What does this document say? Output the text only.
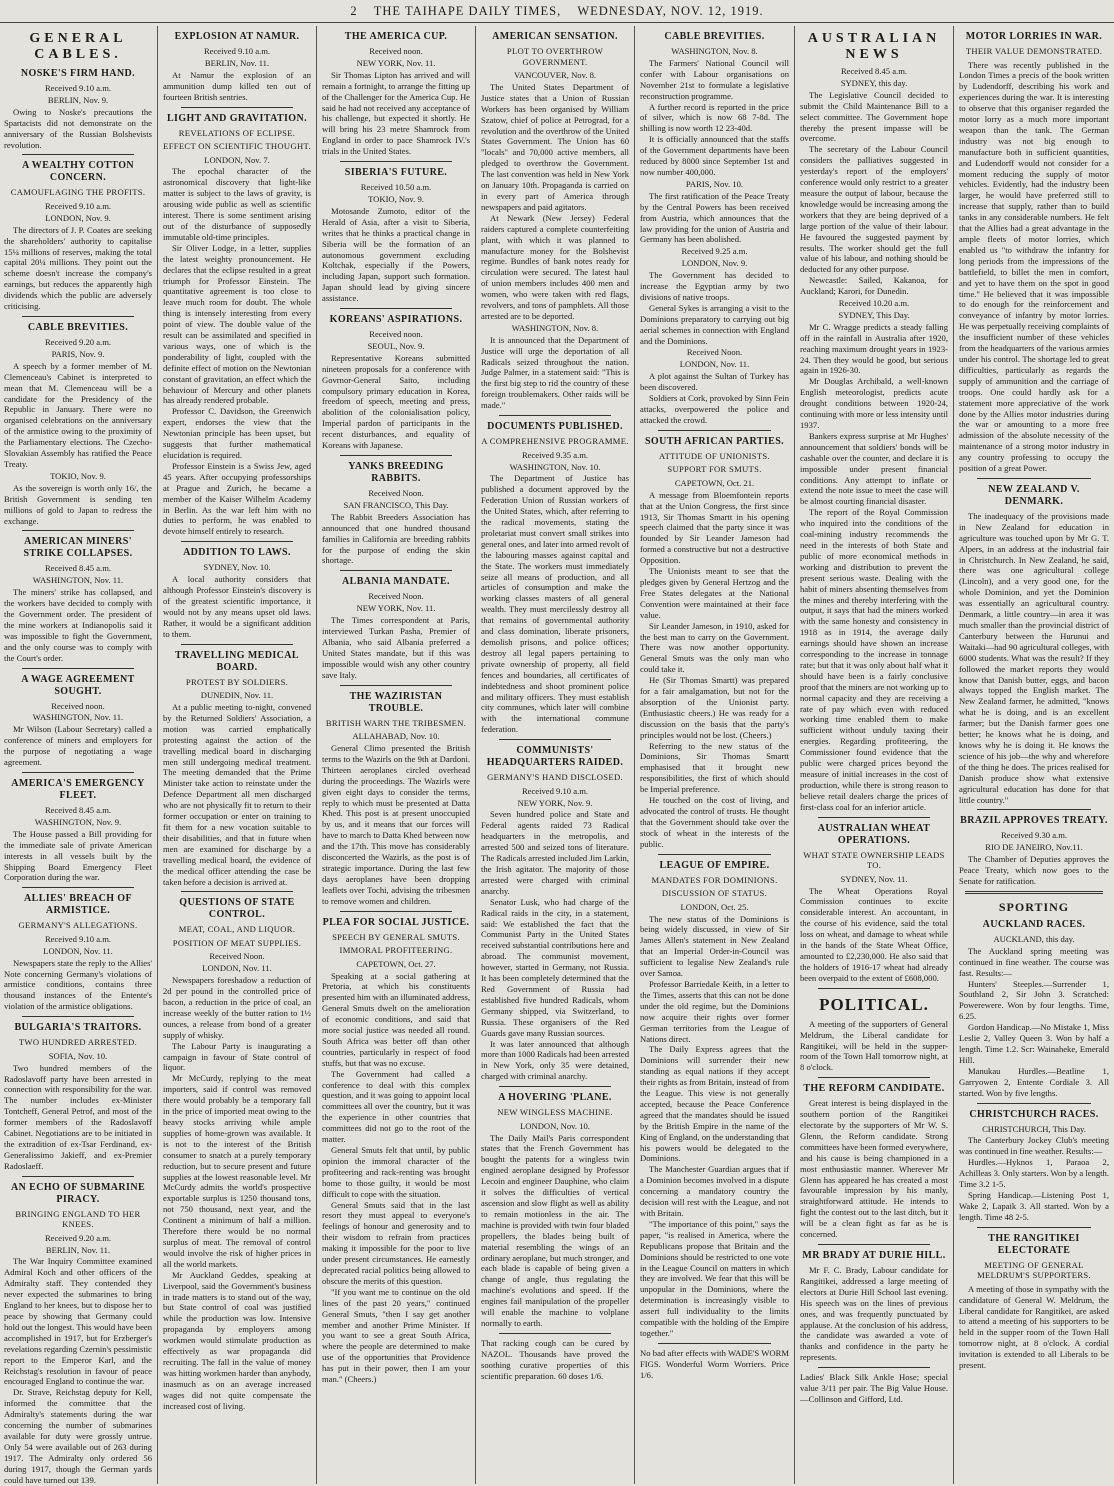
2 THE TAIHAPE DAILY TIMES, WEDNESDAY, NOV. 12, 1919.
GENERAL CABLES.
NOSKE'S FIRM HAND.
Received 9.10 a.m.
BERLIN, Nov. 9.
Owing to Noske's precautions the Spartacists did not demonstrate on the anniversary of the Russian Bolshevists revolution.
A WEALTHY COTTON CONCERN.
CAMOUFLAGING THE PROFITS.
Received 9.10 a.m.
LONDON, Nov. 9.
The directors of J. P. Coates are seeking the shareholders' authority to capitalise 15¼ millions of reserves, making the total capital 20¼ millions. They point out the scheme doesn't increase the company's earnings, but reduces the apparently high dividends which the public are adversely criticising.
CABLE BREVITIES.
Received 9.20 a.m.
PARIS, Nov. 9.
A speech by a former member of M. Clemenceau's Cabinet is interpreted to mean that M. Clemenceau will be a candidate for the Presidency of the Republic in January. There were no organised celebrations on the anniversary of the armistice owing to the proximity of the Parliamentary elections. The Czecho-Slovakian Assembly has ratified the Peace Treaty.
TOKIO, Nov. 9.
As the sovereign is worth only 16/, the British Government is sending ten millions of gold to Japan to redress the exchange.
AMERICAN MINERS' STRIKE COLLAPSES.
Received 8.45 a.m.
WASHINGTON, Nov. 11.
The miners' strike has collapsed, and the workers have decided to comply with the Government order. The president of the mine workers at Indianopolis said it was impossible to fight the Government, and the only course was to comply with the Court's order.
A WAGE AGREEMENT SOUGHT.
Received noon.
WASHINGTON, Nov. 11.
Mr Wilson (Labour Secretary) called a conference of miners and employers for the purpose of negotiating a wage agreement.
AMERICA'S EMERGENCY FLEET.
Received 8.45 a.m.
WASHINGTON, Nov. 9.
The House passed a Bill providing for the immediate sale of private American interests in all vessels built by the Shipping Board Emergency Fleet Corporation during the war.
ALLIES' BREACH OF ARMISTICE.
GERMANY'S ALLEGATIONS.
Received 9.10 a.m.
LONDON, Nov. 11.
Newspapers state the reply to the Allies' Note concerning Germany's violations of armistice conditions, contains three thousand instances of the Entente's violation of the armistice obligations.
BULGARIA'S TRAITORS.
TWO HUNDRED ARRESTED.
SOFIA, Nov. 10.
Two hundred members of the Radoslavoff party have been arrested in connection with responsibility for the war. The number includes ex-Minister Tontcheff, General Petrof, and most of the former members of the Radoslavoff Cabinet. Negotiations are to be initiated in the extradition of ex-Tsar Ferdinand, ex-Generalissimo Jakieff, and ex-Premier Radoslaeff.
AN ECHO OF SUBMARINE PIRACY.
BRINGING ENGLAND TO HER KNEES.
Received 9.20 a.m.
BERLIN, Nov. 11.
The War Inquiry Committee examined Admiral Koch and other officers of the Admiralty staff. They contended they never expected the submarines to bring England to her knees, but to dispose her to peace by showing that Germany could hold out the longest. This would have been accomplished in 1917, but for Erzberger's revelations regarding Czernin's pessimistic report to the Emperor Karl, and the Reichstag's resolution in favour of peace encouraged England to continue the war.
Dr. Strave, Reichstag deputy for Kell, informed the committee that the Admiralty's statements during the war concerning the number of submarines available for duty were grossly untrue. Only 54 were available out of 263 during 1917. The Admiralty only ordered 56 during 1917, though the German yards could have turned out 139.
EXPLOSION AT NAMUR.
Received 9.10 a.m.
BERLIN, Nov. 11.
At Namur the explosion of an ammunition dump killed ten out of fourteen British sentries.
LIGHT AND GRAVITATION.
REVELATIONS OF ECLIPSE.
EFFECT ON SCIENTIFIC THOUGHT.
LONDON, Nov. 7.
The epochal character of the astronomical discovery that light-like matter is subject to the laws of gravity, is arousing wide public as well as scientific interest. There is some sentiment arising out of the disturbance of supposedly immutable old-time principles.
Sir Oliver Lodge, in a letter, supplies the latest weighty pronouncement. He declares that the eclipse resulted in a great triumph for Professor Einstein. The quantitative agreement is too close to leave much room for doubt. The whole thing is intensely interesting from every point of view. The double value of the result can be assimilated and specified in various ways, one of which is the ponderability of light, coupled with the definite effect of motion on the Newtonian constant of gravitation, an effect which the behaviour of Mercury and other planets has already rendered probable.
Professor C. Davidson, the Greenwich expert, endorses the view that the Newtonian principle has been upset, but suggests that further mathematical elucidation is required.
Professor Einstein is a Swiss Jew, aged 45 years. After occupying professorships at Prague and Zurich, he became a member of the Kaiser Wilhelm Academy in Berlin. As the war left him with no duties to perform, he was enabled to devote himself entirely to research.
ADDITION TO LAWS.
SYDNEY, Nov. 10.
A local authority considers that although Professor Einstein's discovery is of the greatest scientific importance, it would not by any means upset old laws. Rather, it would be a significant addition to them.
TRAVELLING MEDICAL BOARD.
PROTEST BY SOLDIERS.
DUNEDIN, Nov. 11.
At a public meeting to-night, convened by the Returned Soldiers' Association, a motion was carried emphatically protesting against the action of the travelling medical board in discharging men still undergoing medical treatment. The meeting demanded that the Prime Minister take action to reinstate under the Defence Department all men discharged who are not physically fit to return to their former occupation or enter on training to fit them for a new vocation suitable to their disabilities, and that in future when men are examined for discharge by a travelling medical board, the evidence of the medical officer attending the case be taken before a decision is arrived at.
QUESTIONS OF STATE CONTROL.
MEAT, COAL, AND LIQUOR.
POSITION OF MEAT SUPPLIES.
Received Noon.
LONDON, Nov. 11.
Newspapers foreshadow a reduction of 2d per pound in the controlled price of bacon, a reduction in the price of coal, an increase weekly of the butter ration to 1½ ounces, a release from bond of a greater supply of whisky.
The Labour Party is inaugurating a campaign in favour of State control of liquor.
Mr McCurdy, replying to the meat importers, said if control was removed there would probably be a temporary fall in the price of imported meat owing to the heavy stocks arriving while ample supplies of home-grown was available. It is not to the interest of the British consumer to snatch at a purely temporary reduction, but to secure present and future supplies at the lowest reasonable level. Mr McCurdy admits the world's prospective exportable surplus is 1250 thousand tons, not 750 thousand, next year, and the Continent a minimum of half a million. Therefore there would be no normal surplus of meat. The removal of control would involve the risk of higher prices in all the world markets.
Mr Auckland Geddes, speaking at Liverpool, said the Government's business in trade matters is to stand out of the way, but State control of coal was justified while the production was low. Intensive propaganda by employers among workmen would stimulate production as effectively as war propaganda did recruiting. The fall in the value of money was hitting workmen harder than anybody, inasmuch as on an average increased wages did not quite compensate the increased cost of living.
THE AMERICA CUP.
Received noon.
NEW YORK, Nov. 11.
Sir Thomas Lipton has arrived and will remain a fortnight, to arrange the fitting up of the Challenger for the America Cup. He said he had not received any acceptance of his challenge, but expected it shortly. He will bring his 23 metre Shamrock from England in order to pace Shamrock IV.'s trials in the United States.
SIBERIA'S FUTURE.
Received 10.50 a.m.
TOKIO, Nov. 9.
Motosande Zumoto, editor of the Herald of Asia, after a visit to Siberia, writes that he thinks a practical change in Siberia will be the formation of an autonomous government excluding Koltchak, especially if the Powers, including Japan, support such formation. Japan should lead by giving sincere assistance.
KOREANS' ASPIRATIONS.
Received noon.
SEOUL, Nov. 9.
Representative Koreans submitted nineteen proposals for a conference with Govrnor-General Saito, including compulsory primary education in Korea, freedom of speech, meeting and press, abolition of the colonialisation policy, Imperial pardon of participants in the recent disturbances, and equality of Koreans with Japanese.
YANKS BREEDING RABBITS.
Received Noon.
SAN FRANCISCO, This Day.
The Rabbit Breeders Association has announced that one hundred thousand families in California are breeding rabbits for the purpose of ending the skin shortage.
ALBANIA MANDATE.
Received Noon.
NEW YORK, Nov. 11.
The Times correspondent at Paris, interviewed Turkan Pasha, Premier of Albania, who said Albania preferred a United States mandate, but if this was impossible would wish any other country save Italy.
THE WAZIRISTAN TROUBLE.
BRITISH WARN THE TRIBESMEN.
ALLAHABAD, Nov. 10.
General Climo presented the British terms to the Wazirls on the 9th at Dardoni. Thirteen aeroplanes circled overhead during the proceedings. The Wazirls were given eight days to consider the terms, reply to which must be presented at Datta Khed. This post is at present unoccupied by us, and it means that our forces will have to march to Datta Khed between now and the 17th. This move has considerably disconcerted the Wazirls, as the post is of strategic importance. During the last few days aeroplanes have been dropping leaflets over Tochi, advising the tribesmen to remove women and children.
PLEA FOR SOCIAL JUSTICE.
SPEECH BY GENERAL SMUTS.
IMMORAL PROFITEERING.
CAPETOWN, Oct. 27.
Speaking at a social gathering at Pretoria, at which his constituents presented him with an illuminated address, General Smuts dwelt on the amelioration of economic conditions, and said that more social justice was needed all round. South Africa was better off than other countries, particularly in respect of food stuffs, but that was no excuse.
The Government had called a conference to deal with this complex question, and it was going to appoint local committees all over the country, but it was the experience in other countries that committees did not go to the root of the matter.
General Smuts felt that until, by public opinion the immoral character of the profiteering and rack-renting was brought home to those guilty, it would be most difficult to cope with the situation.
General Smuts said that in the last resort they must appeal to everyone's feelings of honour and generosity and to their wisdom to refrain from practices making it impossible for the poor to live under present circumstances. He earnestly deprecated racial politics being allowed to obscure the merits of this question.
"If you want me to continue on the old lines of the past 20 years," continued General Smuts, "then I say get another member and another Prime Minister. If you want to see a great South Africa, where the people are determined to make use of the opportunities that Providence has put in their power, then I am your man." (Cheers.)
AMERICAN SENSATION.
PLOT TO OVERTHROW GOVERNMENT.
VANCOUVER, Nov. 8.
The United States Department of Justice states that a Union of Russian Workers has been organised by William Szatow, chief of police at Petrograd, for a revolution and the overthrow of the United States Government. The Union has 60 "locals" and 70,000 active members, all pledged to overthrow the Government. The last convention was held in New York on January 10th. Propaganda is carried on in every part of America through newspapers and paid agitators.
At Newark (New Jersey) Federal raiders captured a complete counterfeiting plant, with which it was planned to manufacture money for the Bolshevist regime. Bundles of bank notes ready for circulation were secured. The latest haul of union members includes 400 men and women, who were taken with red flags, revolvers, and tons of pamphlets. All those arrested are to be deported.
WASHINGTON, Nov. 8.
It is announced that the Department of Justice will urge the deportation of all Radicals seized throughout the nation. Judge Palmer, in a statement said: "This is the first big step to rid the country of these foreign troublemakers. Other raids will be made."
DOCUMENTS PUBLISHED.
A COMPREHENSIVE PROGRAMME.
Received 9.35 a.m.
WASHINGTON, Nov. 10.
The Department of Justice has published a document approved by the Federation Union of Russian workers of the United States, which, after referring to the radical movements, stating the proletariat must convert small strikes into general ones, and later into armed revolt of the labouring masses against capital and the State. The workers must immediately seize all means of production, and all articles of consumption and make the working classes masters of all general wealth. They must mercilessly destroy all that remains of governmental authority and class domination, liberate prisoners, demolish prisons, and police offices; destroy all legal papers pertaining to private ownership of property, all field fences and boundaries, all certificates of indebtedness and shoot prominent police and military officers. They must establish city communes, which later will combine with the international commune federation.
COMMUNISTS' HEADQUARTERS RAIDED.
GERMANY'S HAND DISCLOSED.
Received 9.10 a.m.
NEW YORK, Nov. 9.
Seven hundred police and State and Federal agents raided 73 Radical headquarters in the metropolis, and arrested 500 and seized tons of literature. The Radicals arrested included Jim Larkin, the Irish agitator. The majority of those arrested were charged with criminal anarchy.
Senator Lusk, who had charge of the Radical raids in the city, in a statement, said: We established the fact that the Communist Party in the United States received substantial contributions here and abroad. The communist movement, however, started in Germany, not Russia. It has been completely determined that the Red Government of Russia had established five hundred Radicals, whom Germany shipped, via Switzerland, to Russia. These organisers of the Red Guards gave many Russian sources.
It was later announced that although more than 1000 Radicals had been arrested in New York, only 35 were detained, charged with criminal anarchy.
A HOVERING 'PLANE.
NEW WINGLESS MACHINE.
LONDON, Nov. 10.
The Daily Mail's Paris correspondent states that the French Government has bought the patents for a wingless twin engined aeroplane designed by Professor Lecoin and engineer Dauphine, who claim it solves the difficulties of vertical ascension and slow flight as well as ability to remain motionless in the air. The machine is provided with twin four bladed propellers, the blades being built of material resembling the wings of an ordinary aeroplane, but much stronger, and each blade is capable of being given a change of angle, thus regulating the machine's evolutions and speed. If the engines fail manipulation of the propeller will enable the machine to volplane normally to earth.
That racking cough can be cured by NAZOL. Thousands have proved the soothing curative properties of this scientific preparation. 60 doses 1/6.
CABLE BREVITIES.
WASHINGTON, Nov. 8.
The Farmers' National Council will confer with Labour organisations on November 21st to formulate a legislative reconstruction programme.
A further record is reported in the price of silver, which is now 68 7-8d. The shilling is now worth 12 23-40d.
It is officially announced that the staffs of the Government departments have been reduced by 8000 since September 1st and now number 400,000.
PARIS, Nov. 10.
The first ratification of the Peace Treaty by the Central Powers has been received from Austria, which announces that the law providing for the union of Austria and Germany has been abolished.
Received 9.25 a.m.
LONDON, Nov. 9.
The Government has decided to increase the Egyptian army by two divisions of native troops.
General Sykes is arranging a visit to the Dominions preparatory to carrying out big aerial schemes in connection with England and the Dominions.
Received Noon.
LONDON, Nov. 11.
A plot against the Sultan of Turkey has been discovered.
Soldiers at Cork, provoked by Sinn Fein attacks, overpowered the police and attacked the crowd.
SOUTH AFRICAN PARTIES.
ATTITUDE OF UNIONISTS.
SUPPORT FOR SMUTS.
CAPETOWN, Oct. 21.
A message from Bloemfontein reports that at the Union Congress, the first since 1913, Sir Thomas Smartt in his opening speech claimed that the party since it was founded by Sir Leander Jameson had formed a constructive but not a destructive Opposition.
The Unionists meant to see that the pledges given by General Hertzog and the Free States delegates at the National Convention were maintained at their face value.
Sir Leander Jameson, in 1910, asked for the best man to carry on the Government. There was now another opportunity. General Smuts was the only man who could take it.
He (Sir Thomas Smartt) was prepared for a fair amalgamation, but not for the absorption of the Unionist party. (Enthusiastic cheers.) He was ready for a discussion on the basis that the party's principles would not be lost. (Cheers.)
Referring to the new status of the Dominions, Sir Thomas Smartt emphasised that it brought new responsibilities, the first of which should be Imperial preference.
He touched on the cost of living, and advocated the control of trusts. He thought that the Government should take over the stock of wheat in the interests of the public.
LEAGUE OF EMPIRE.
MANDATES FOR DOMINIONS.
DISCUSSION OF STATUS.
LONDON, Oct. 25.
The new status of the Dominions is being widely discussed, in view of Sir James Allen's statement in New Zealand that an Imperial Order-in-Council was sufficient to legalise New Zealand's rule over Samoa.
Professor Barriedale Keith, in a letter to the Times, asserts that this can not be done under the old regime, but the Dominions now acquire their rights over former German territories from the League of Nations direct.
The Daily Express agrees that the Dominions will surrender their new standing as equal nations if they accept their rights as from Britain, instead of from the League. This view is not generally accepted, because the Peace Conference agreed that the mandates should be issued by the British Empire in the name of the King of England, on the understanding that his powers would be delegated to the Dominions.
The Manchester Guardian argues that if a Dominion becomes involved in a dispute concerning a mandatory country the decision will rest with the League, and not with Britain.
"The importance of this point," says the paper, "is realised in America, where the Republicans propose that Britain and the Dominions should be restricted to one vote in the League Council on matters in which they are involved. We fear that this will be unpopular in the Dominions, where the determination is increasingly visible to assert full individuality to the limits compatible with the holding of the Empire together."
No bad after effects with WADE'S WORM FIGS. Wonderful Worm Worriers. Price 1/6.
AUSTRALIAN NEWS
Received 8.45 a.m.
SYDNEY, this day.
The Legislative Council decided to submit the Child Maintenance Bill to a select committee. The Government hope thereby the present impasse will be overcome.
The secretary of the Labour Council considers the palliatives suggested in yesterday's report of the employers' conference would only restrict to a greater measure the output of labour, because the knowledge would be increasing among the workers that they are being deprived of a large portion of the value of their labour. He favoured the suggested payment by results. The worker should get the full value of his labour, and nothing should be deducted for any other purpose.
Newcastle: Sailed, Kakanoa, for Auckland; Karori, for Dunedin.
Received 10.20 a.m.
SYDNEY, This Day.
Mr C. Wragge predicts a steady falling off in the rainfall in Australia after 1920, reaching maximum drought years in 1923-24. Then they would be good, but serious again in 1926-30.
Mr Douglas Archibald, a well-known English meteorologist, predicts acute drought conditions between 1920-24, continuing with more or less intensity until 1937.
Bankers express surprise at Mr Hughes' announcement that soldiers' bonds will be cashable over the counter, and declare it is impossible under present financial conditions. Any attempt to inflate or extend the note issue to meet the case will be almost courting financial disaster.
The report of the Royal Commission who inquired into the conditions of the coal-mining industry recommends the need in the interests of both State and public of more economical methods in working and distribution to prevent the present serious waste. Dealing with the habit of miners absenting themselves from the mines and thereby interfering with the output, it says that had the miners worked with the same honesty and consistency in 1918 as in 1914, the average daily earnings should have shown an increase corresponding to the increase in tonnage rate; but that it was only about half what it should have been is a fairly conclusive proof that the miners are not working up to normal capacity and they are receiving a rate of pay which even with reduced working time enabled them to make sufficient without unduly taxing their energies. Regarding profiteering, the Commissioner found evidence that the public were charged prices beyond the measure of initial increases in the cost of production, while there is strong reason to believe retail dealers charge the prices of first-class coal for an inferior article.
AUSTRALIAN WHEAT OPERATIONS.
WHAT STATE OWNERSHIP LEADS TO.
SYDNEY, Nov. 11.
The Wheat Operations Royal Commission continues to excite considerable interest. An accountant, in the course of his evidence, said the total loss on wheat, and damage to wheat while in the hands of the State Wheat Office, amounted to £2,230,000. He also said that the holders of 1916-17 wheat had already been overpaid to the extent of £608,000.
POLITICAL.
A meeting of the supporters of General Meldrum, the Liberal candidate for Rangitikei, will be held in the supper-room of the Town Hall tomorrow night, at 8 o'clock.
THE REFORM CANDIDATE.
Great interest is being displayed in the southern portion of the Rangitikei electorate by the supporters of Mr W. S. Glenn, the Reform candidate. Strong committees have been formed everywhere, and his cause is being championed in a most enthusiastic manner. Wherever Mr Glenn has appeared he has created a most favourable impression by his manly, straightforward attitude. He intends to fight the contest out to the last ditch, but it will be a clean fight as far as he is concerned.
MR BRADY AT DURIE HILL.
Mr F. C. Brady, Labour candidate for Rangitikei, addressed a large meeting of electors at Durie Hill School last evening. His speech was on the lines of previous ones, and was frequently punctuated by applause. At the conclusion of his address, the candidate was awarded a vote of thanks and confidence in the party he represents.
Ladies' Black Silk Ankle Hose; special value 3/11 per pair. The Big Value House.—Collinson and Gifford, Ltd.
MOTOR LORRIES IN WAR.
THEIR VALUE DEMONSTRATED.
There was recently published in the London Times a precis of the book written by Ludendorff, describing his work and experiences during the war. It is interesting to observe that this organiser regarded the motor lorry as a much more important weapon than the tank. The German industry was not big enough to manufacture both in sufficient quantities, and Ludendorff would not consider for a moment reducing the supply of motor vehicles. Evidently, had the industry been larger, he would have preferred still to increase that supply, rather than to build tanks in any considerable numbers. He felt that the Allies had a great advantage in the ample fleets of motor lorries, which enabled us "to withdraw the infantry for long periods from the impressions of the battlefield, to billet the men in comfort, and yet to have them on the spot in good time." He believed that it was impossible to do enough for the reinforcement and conveyance of infantry by motor lorries. He was perpetually receiving complaints of the insufficient number of these vehicles from the headquarters of the various armies under his control. The shortage led to great difficulties, particularly as regards the supply of ammunition and the carriage of troops. One could hardly ask for a statement more appreciative of the work done by the Allies motor industries during the war or amounting to a more free admission of the absolute necessity of the maintenance of a strong motor industry in any country professing to occupy the position of a great Power.
NEW ZEALAND V. DENMARK.
The inadequacy of the provisions made in New Zealand for education in agriculture was touched upon by Mr G. T. Alpers, in an address at the industrial fair in Christchurch. In New Zealand, he said, there was one agricultural college (Lincoln), and a very good one, for the whole Dominion, and yet the Dominion was essentially an agricultural country. Denmark, a little country—in area it was much smaller than the provincial district of Canterbury between the Hurunui and Waitaki—had 90 agricultural colleges, with 6000 students. What was the result? If they followed the market reports they would know that Danish butter, eggs, and bacon always topped the English market. The New Zealand farmer, he admitted, "knows what he is doing, and is an excellent farmer; but the Danish farmer goes one better; he knows what he is doing, and knows why he is doing it. He knows the science of his job—the why and wherefore of the thing he does. The prices realised for Danish produce show what extensive agricultural education has done for that little country."
BRAZIL APPROVES TREATY.
Received 9.30 a.m.
RIO DE JANEIRO, Nov.11.
The Chamber of Deputies approves the Peace Treaty, which now goes to the Senate for ratification.
SPORTING
AUCKLAND RACES.
AUCKLAND, this day.
The Auckland spring meeting was continued in fine weather. The course was fast. Results:—
Hunters' Steeples.—Surrender 1, Southland 2, Sir John 3. Scratched: Powerewere. Won by four lengths. Time, 6.25.
Gordon Handicap.—No Mistake 1, Miss Leslie 2, Valley Queen 3. Won by half a length. Time 1.2. Scr: Wainaheke, Emerald Hill.
Manukau Hurdles.—Beatline 1, Garryowen 2, Entente Cordiale 3. All started. Won by five lengths.
CHRISTCHURCH RACES.
CHRISTCHURCH, This Day.
The Canterbury Jockey Club's meeting was continued in fine weather. Results:—
Hurdles.—Hyknos 1, Paraoa 2, Achilleas 3. Only starters. Won by a length. Time 3.2 1-5.
Spring Handicap.—Listening Post 1, Wake 2, Lapaik 3. All started. Won by a length. Time 48 2-5.
THE RANGITIKEI ELECTORATE
MEETING OF GENERAL MELDRUM'S SUPPORTERS.
A meeting of those in sympathy with the candidature of General W. Meldrum, the Liberal candidate for Rangitikei, are asked to attend a meeting of his supporters to be held in the supper room of the Town Hall tomorrow night, at 8 o'clock. A cordial invitation is extended to all Liberals to be present.
